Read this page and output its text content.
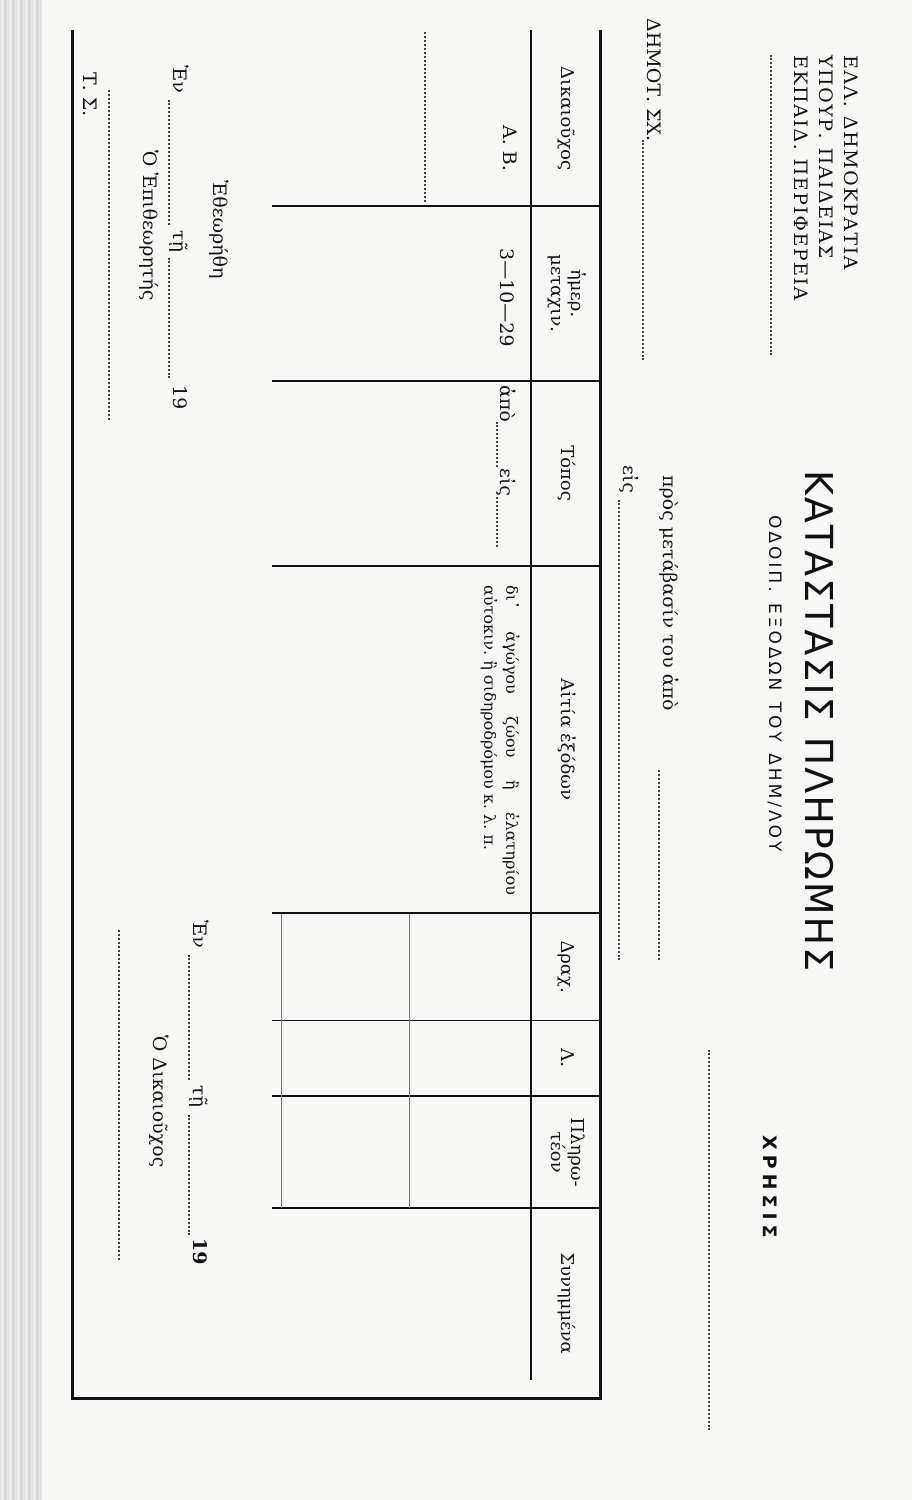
ΕΛΛ. ΔΗΜΟΚΡΑΤΙΑ
ΥΠΟΥΡ. ΠΑΙΔΕΙΑΣ
ΕΚΠΑΙΔ. ΠΕΡΙΦΕΡΕΙΑ
ΚΑΤΑΣΤΑΣΙΣ ΠΛΗΡΩΜΗΣ
ΟΔΟΙΠ. ΕΞΟΔΩΝ ΤΟΥ ΔΗΜ/ΛΟΥ
ΧΡΗΣΙΣ
ΔΗΜΟΤ. ΣΧ.
πρὸς μετάβασίν του ἀπὸ
εἰς
Δικαιοῦχος
ἡμερ. μεταχιν.
Τόπος
Αἰτία ἐξόδων
Δραχ.
Λ.
Πληρω-τέον
Συνημμένα
Α. Β.
3—10—29
ἀπὸ
εἰς
δι᾽ ἀγώγου ζώου ἢ ἐλατηρίου αὐτοκιν. ἢ σιδηροδρόμου κ. λ. π.
Ἐν
τῇ
19
Ἐθεωρήθη
Ὁ Ἐπιθεωρητής
Ἐν
τῇ
19
Ὁ Δικαιοῦχος
Τ. Σ.
